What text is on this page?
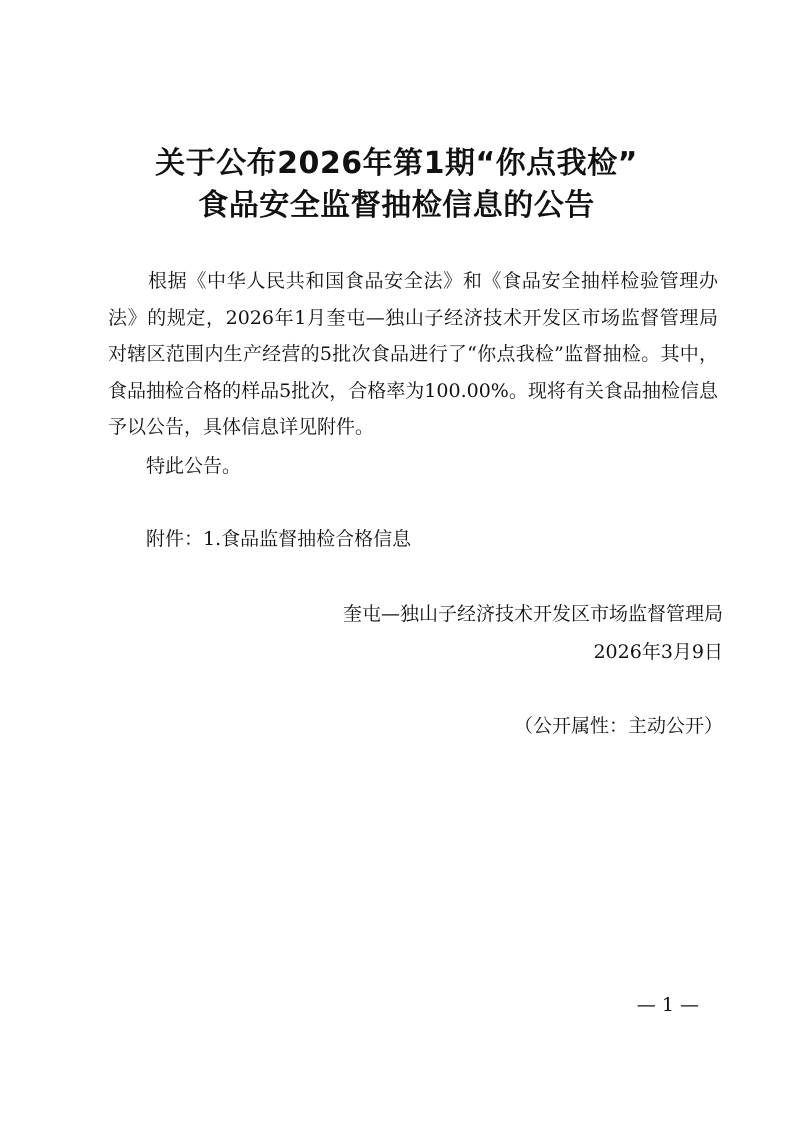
关于公布2026年第1期“你点我检”
食品安全监督抽检信息的公告

根据《中华人民共和国食品安全法》和《食品安全抽样检验管理办法》的规定，2026年1月奎屯—独山子经济技术开发区市场监督管理局对辖区范围内生产经营的5批次食品进行了“你点我检”监督抽检。其中，食品抽检合格的样品5批次，合格率为100.00%。现将有关食品抽检信息予以公告，具体信息详见附件。

特此公告。

附件：1.食品监督抽检合格信息

奎屯—独山子经济技术开发区市场监督管理局

2026年3月9日

（公开属性：主动公开）

— 1 —
